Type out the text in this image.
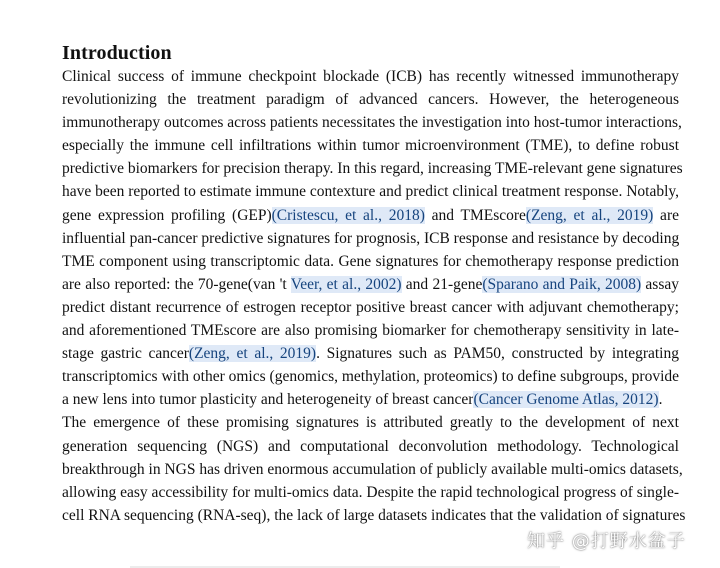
Introduction
Clinical success of immune checkpoint blockade (ICB) has recently witnessed immunotherapy
revolutionizing the treatment paradigm of advanced cancers. However, the heterogeneous
immunotherapy outcomes across patients necessitates the investigation into host-tumor interactions,
especially the immune cell infiltrations within tumor microenvironment (TME), to define robust
predictive biomarkers for precision therapy. In this regard, increasing TME-relevant gene signatures
have been reported to estimate immune contexture and predict clinical treatment response. Notably,
gene expression profiling (GEP)(Cristescu, et al., 2018) and TMEscore(Zeng, et al., 2019) are
influential pan-cancer predictive signatures for prognosis, ICB response and resistance by decoding
TME component using transcriptomic data. Gene signatures for chemotherapy response prediction
are also reported: the 70-gene(van 't Veer, et al., 2002) and 21-gene(Sparano and Paik, 2008) assay
predict distant recurrence of estrogen receptor positive breast cancer with adjuvant chemotherapy;
and aforementioned TMEscore are also promising biomarker for chemotherapy sensitivity in late-
stage gastric cancer(Zeng, et al., 2019). Signatures such as PAM50, constructed by integrating
transcriptomics with other omics (genomics, methylation, proteomics) to define subgroups, provide
a new lens into tumor plasticity and heterogeneity of breast cancer(Cancer Genome Atlas, 2012).
The emergence of these promising signatures is attributed greatly to the development of next
generation sequencing (NGS) and computational deconvolution methodology. Technological
breakthrough in NGS has driven enormous accumulation of publicly available multi-omics datasets,
allowing easy accessibility for multi-omics data. Despite the rapid technological progress of single-
cell RNA sequencing (RNA-seq), the lack of large datasets indicates that the validation of signatures
知乎 @打野水盆子
